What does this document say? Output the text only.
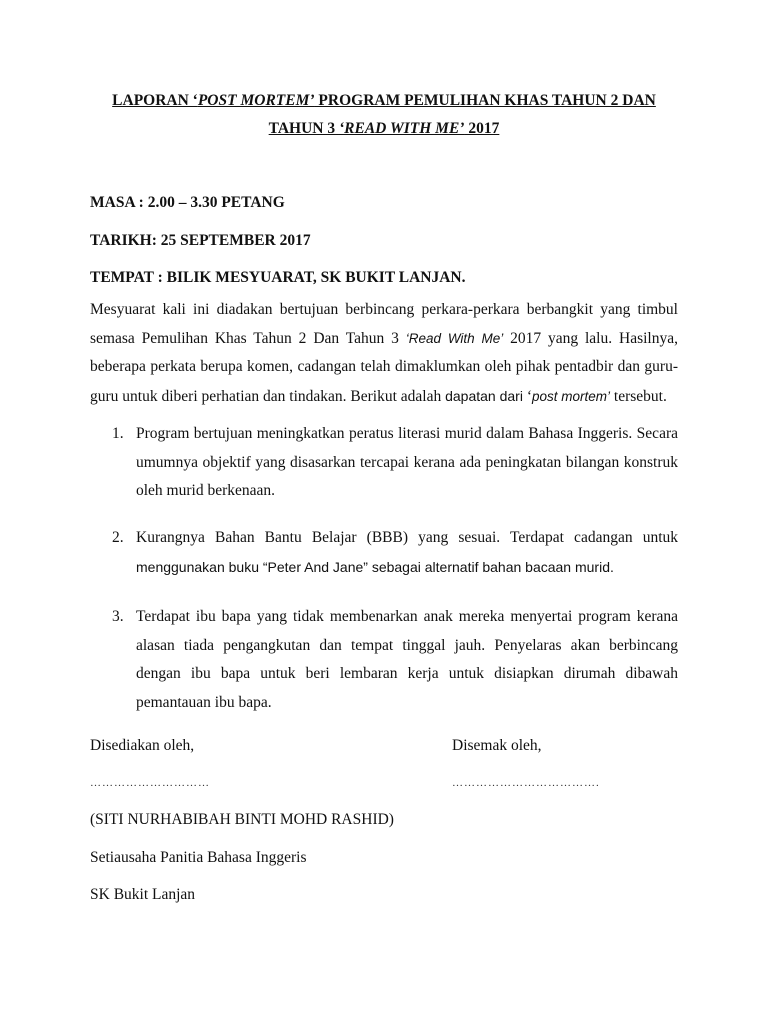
LAPORAN ‘POST MORTEM’ PROGRAM PEMULIHAN KHAS TAHUN 2 DAN
TAHUN 3 ‘READ WITH ME’ 2017
MASA : 2.00 – 3.30 PETANG
TARIKH: 25 SEPTEMBER 2017
TEMPAT : BILIK MESYUARAT, SK BUKIT LANJAN.

Mesyuarat kali ini diadakan bertujuan berbincang perkara-perkara berbangkit yang timbul semasa Pemulihan Khas Tahun 2 Dan Tahun 3 ‘Read With Me’ 2017 yang lalu. Hasilnya, beberapa perkata berupa komen, cadangan telah dimaklumkan oleh pihak pentadbir dan guru-guru untuk diberi perhatian dan tindakan. Berikut adalah dapatan dari ‘post mortem’ tersebut.

1. Program bertujuan meningkatkan peratus literasi murid dalam Bahasa Inggeris. Secara umumnya objektif yang disasarkan tercapai kerana ada peningkatan bilangan konstruk oleh murid berkenaan.
2. Kurangnya Bahan Bantu Belajar (BBB) yang sesuai. Terdapat cadangan untuk menggunakan buku “Peter And Jane” sebagai alternatif bahan bacaan murid.
3. Terdapat ibu bapa yang tidak membenarkan anak mereka menyertai program kerana alasan tiada pengangkutan dan tempat tinggal jauh. Penyelaras akan berbincang dengan ibu bapa untuk beri lembaran kerja untuk disiapkan dirumah dibawah pemantauan ibu bapa.
Disediakan oleh,	Disemak oleh,
…………………………	……………………………….
(SITI NURHABIBAH BINTI MOHD RASHID)
Setiausaha Panitia Bahasa Inggeris
SK Bukit Lanjan
